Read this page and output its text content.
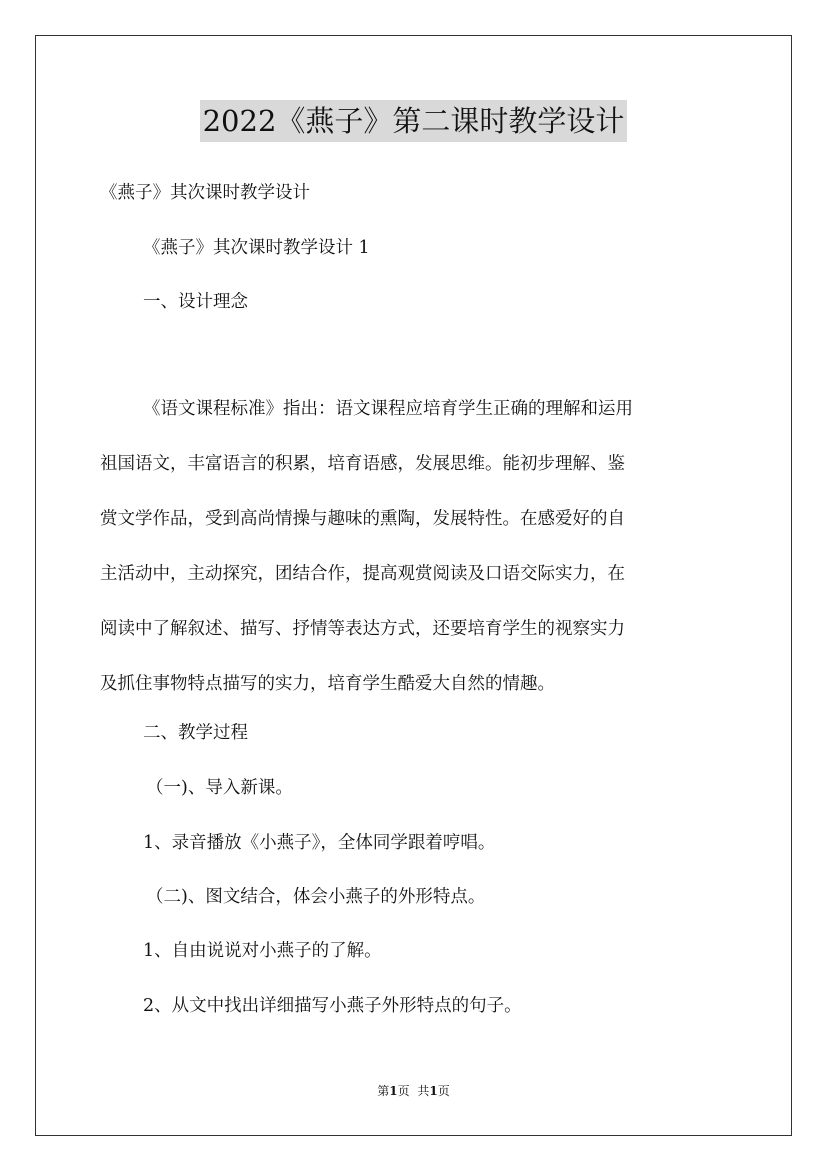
2022《燕子》第二课时教学设计
《燕子》其次课时教学设计
《燕子》其次课时教学设计 1
一、设计理念
《语文课程标准》指出：语文课程应培育学生正确的理解和运用
祖国语文，丰富语言的积累，培育语感，发展思维。能初步理解、鉴
赏文学作品，受到高尚情操与趣味的熏陶，发展特性。在感爱好的自
主活动中，主动探究，团结合作，提高观赏阅读及口语交际实力，在
阅读中了解叙述、描写、抒情等表达方式，还要培育学生的视察实力
及抓住事物特点描写的实力，培育学生酷爱大自然的情趣。
二、教学过程
（一)、导入新课。
1、录音播放《小燕子》，全体同学跟着哼唱。
（二)、图文结合，体会小燕子的外形特点。
1、自由说说对小燕子的了解。
2、从文中找出详细描写小燕子外形特点的句子。
第1页 共1页
